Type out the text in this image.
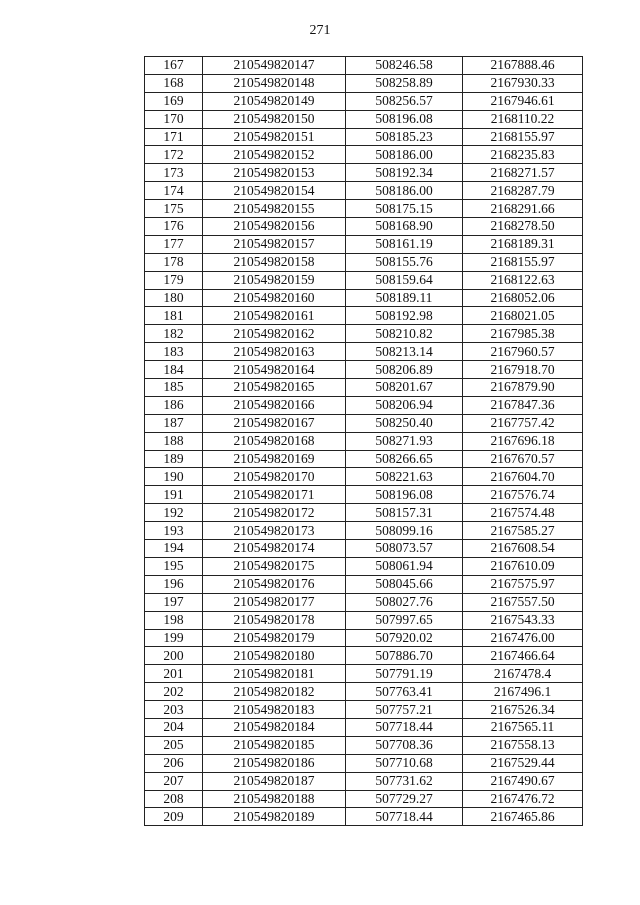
271
167	210549820147	508246.58	2167888.46
168	210549820148	508258.89	2167930.33
169	210549820149	508256.57	2167946.61
170	210549820150	508196.08	2168110.22
171	210549820151	508185.23	2168155.97
172	210549820152	508186.00	2168235.83
173	210549820153	508192.34	2168271.57
174	210549820154	508186.00	2168287.79
175	210549820155	508175.15	2168291.66
176	210549820156	508168.90	2168278.50
177	210549820157	508161.19	2168189.31
178	210549820158	508155.76	2168155.97
179	210549820159	508159.64	2168122.63
180	210549820160	508189.11	2168052.06
181	210549820161	508192.98	2168021.05
182	210549820162	508210.82	2167985.38
183	210549820163	508213.14	2167960.57
184	210549820164	508206.89	2167918.70
185	210549820165	508201.67	2167879.90
186	210549820166	508206.94	2167847.36
187	210549820167	508250.40	2167757.42
188	210549820168	508271.93	2167696.18
189	210549820169	508266.65	2167670.57
190	210549820170	508221.63	2167604.70
191	210549820171	508196.08	2167576.74
192	210549820172	508157.31	2167574.48
193	210549820173	508099.16	2167585.27
194	210549820174	508073.57	2167608.54
195	210549820175	508061.94	2167610.09
196	210549820176	508045.66	2167575.97
197	210549820177	508027.76	2167557.50
198	210549820178	507997.65	2167543.33
199	210549820179	507920.02	2167476.00
200	210549820180	507886.70	2167466.64
201	210549820181	507791.19	2167478.4
202	210549820182	507763.41	2167496.1
203	210549820183	507757.21	2167526.34
204	210549820184	507718.44	2167565.11
205	210549820185	507708.36	2167558.13
206	210549820186	507710.68	2167529.44
207	210549820187	507731.62	2167490.67
208	210549820188	507729.27	2167476.72
209	210549820189	507718.44	2167465.86
